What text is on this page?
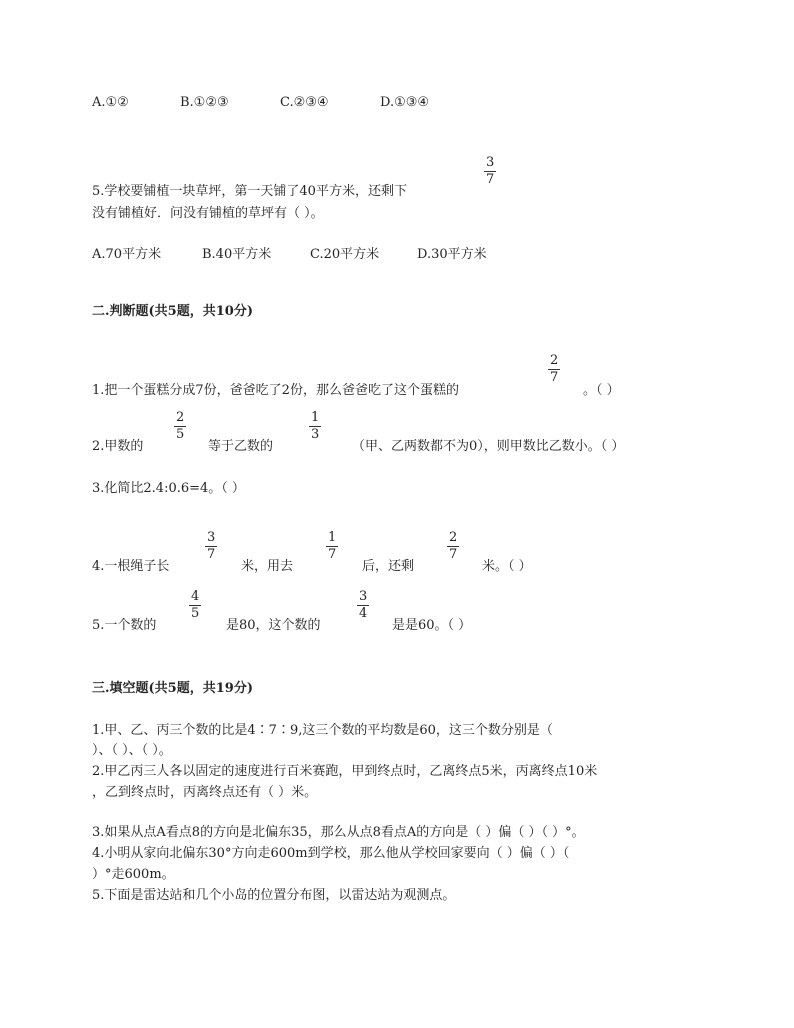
A.①②	B.①②③	C.②③④	D.①③④
3
7
5.学校要铺植一块草坪，第一天铺了40平方米，还剩下
没有铺植好．问没有铺植的草坪有（ ）。
A.70平方米	B.40平方米	C.20平方米	D.30平方米
二.判断题(共5题，共10分)
2
7
1.把一个蛋糕分成7份，爸爸吃了2份，那么爸爸吃了这个蛋糕的	。（ ）
2.甲数的
2
5
等于乙数的
1
3
（甲、乙两数都不为0），则甲数比乙数小。（ ）
3.化简比2.4:0.6=4。（ ）
3
7
1
7
2
7
4.一根绳子长	米，用去	后，还剩	米。（ ）
4
5
3
4
5.一个数的	是80，这个数的	是是60。（ ）
三.填空题(共5题，共19分)
1.甲、乙、丙三个数的比是4∶7∶9,这三个数的平均数是60，这三个数分别是（
）、（ ）、（ ）。
2.甲乙丙三人各以固定的速度进行百米赛跑，甲到终点时，乙离终点5米，丙离终点10米
，乙到终点时，丙离终点还有（ ）米。
3.如果从点A看点8的方向是北偏东35，那么从点8看点A的方向是（ ）偏（ ）（ ）°。
4.小明从家向北偏东30°方向走600m到学校，那么他从学校回家要向（ ）偏（ ）（
）°走600m。
5.下面是雷达站和几个小岛的位置分布图，以雷达站为观测点。
